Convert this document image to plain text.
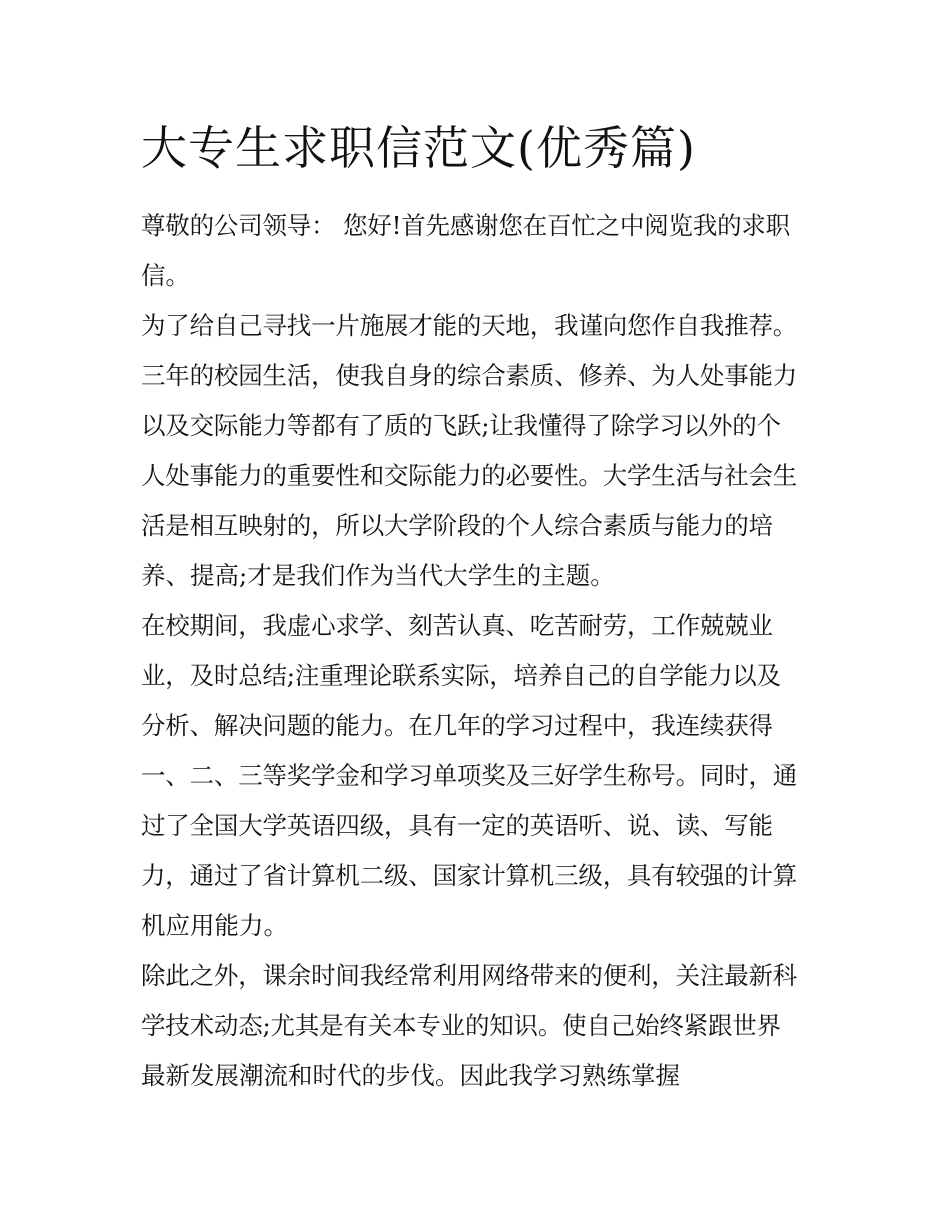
大专生求职信范文(优秀篇)
尊敬的公司领导： 您好!首先感谢您在百忙之中阅览我的求职
信。
为了给自己寻找一片施展才能的天地，我谨向您作自我推荐。
三年的校园生活，使我自身的综合素质、修养、为人处事能力
以及交际能力等都有了质的飞跃;让我懂得了除学习以外的个
人处事能力的重要性和交际能力的必要性。大学生活与社会生
活是相互映射的，所以大学阶段的个人综合素质与能力的培
养、提高;才是我们作为当代大学生的主题。
在校期间，我虚心求学、刻苦认真、吃苦耐劳，工作兢兢业
业，及时总结;注重理论联系实际，培养自己的自学能力以及
分析、解决问题的能力。在几年的学习过程中，我连续获得
一、二、三等奖学金和学习单项奖及三好学生称号。同时，通
过了全国大学英语四级，具有一定的英语听、说、读、写能
力，通过了省计算机二级、国家计算机三级，具有较强的计算
机应用能力。
除此之外，课余时间我经常利用网络带来的便利，关注最新科
学技术动态;尤其是有关本专业的知识。使自己始终紧跟世界
最新发展潮流和时代的步伐。因此我学习熟练掌握
